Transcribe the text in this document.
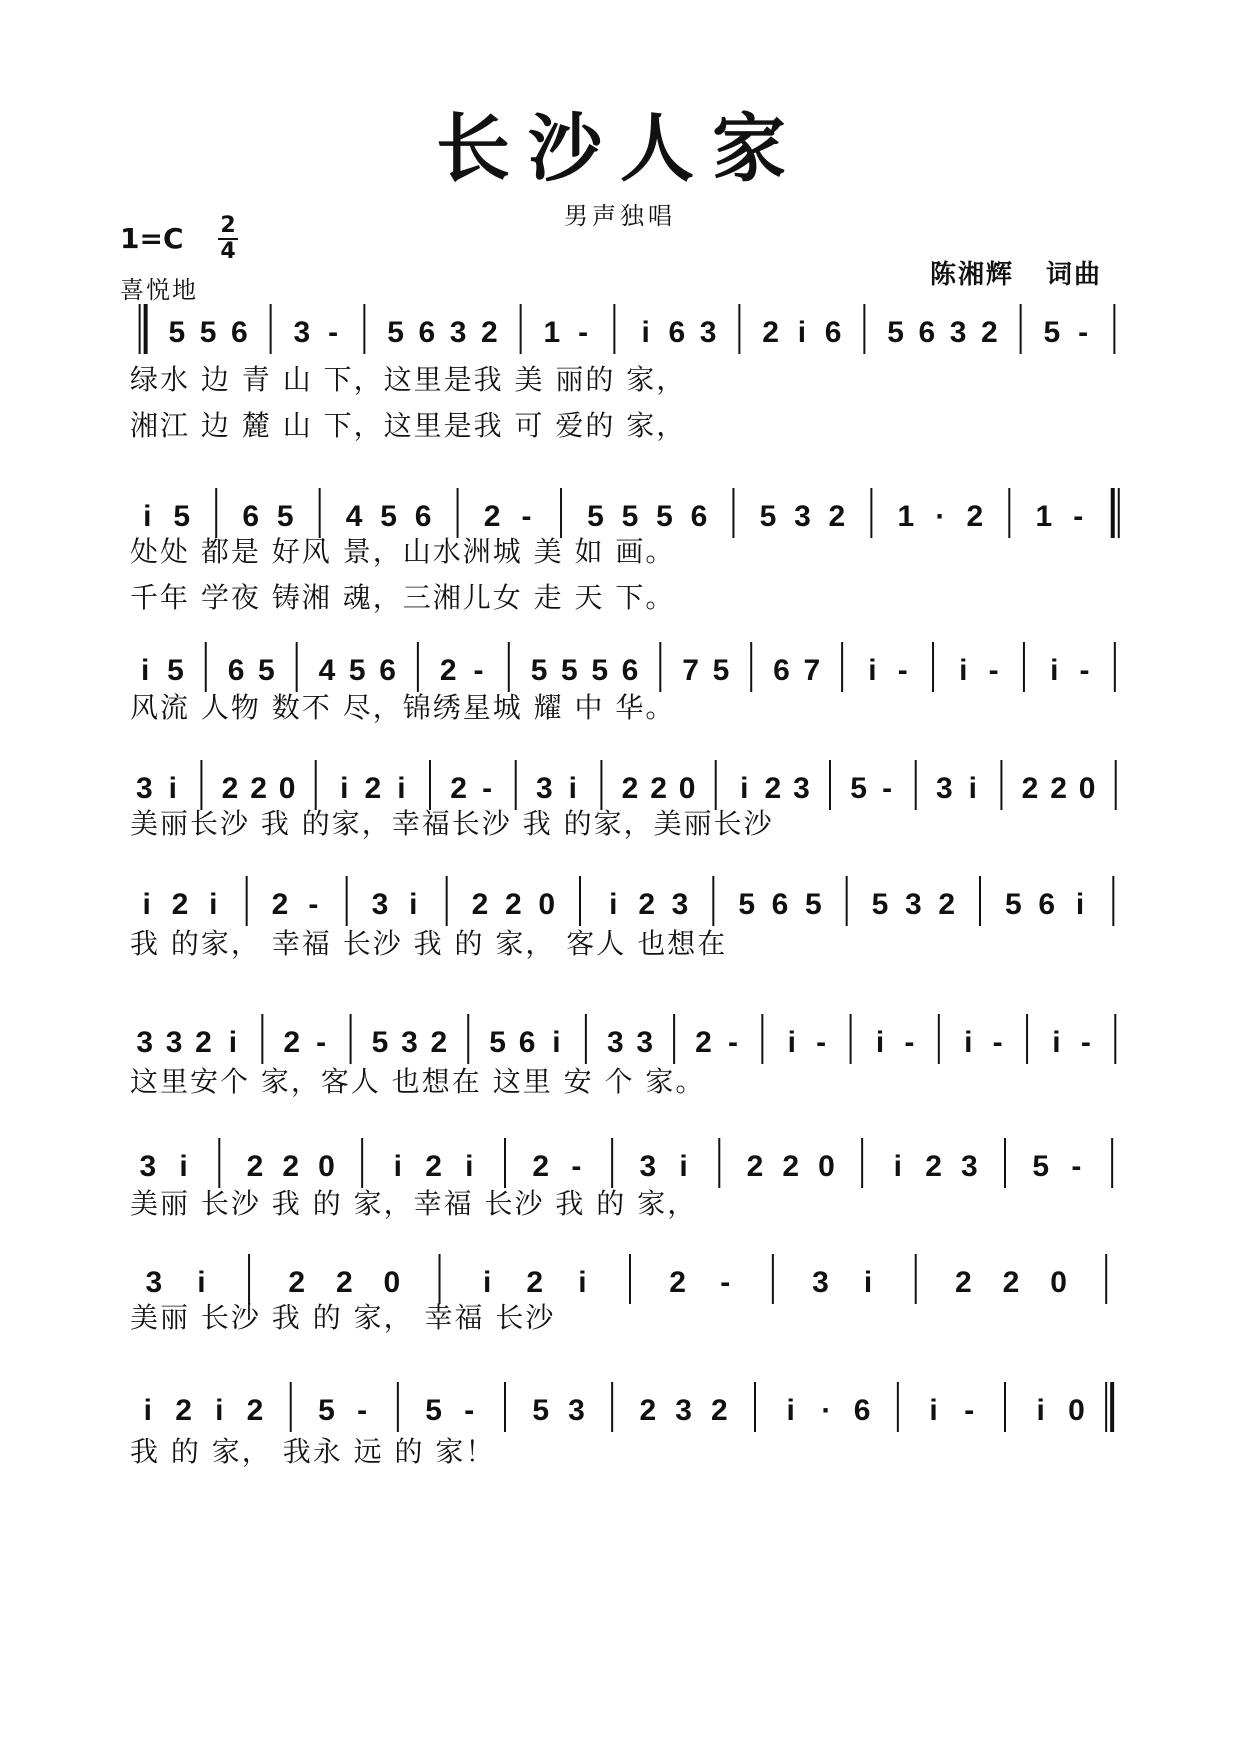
长沙人家
男声独唱
1=C 2
4
喜悦地	陈湘辉 词曲
5 5 6 3 - 5 6 3 2 1 - i 6 3 2 i 6 5 6 3 2 5 -
绿水 边 青 山 下，这里是我 美 丽的 家，
湘江 边 麓 山 下，这里是我 可 爱的 家，
i 5 6 5 4 5 6 2 - 5 5 5 6 5 3 2 1 · 2 1 -
处处 都是 好风 景，山水洲城 美 如 画。
千年 学夜 铸湘 魂，三湘儿女 走 天 下。
i 5 6 5 4 5 6 2 - 5 5 5 6 7 5 6 7 i - i - i -
风流 人物 数不 尽，锦绣星城 耀 中 华。
3 i 2 2 0 i 2 i 2 - 3 i 2 2 0 i 2 3 5 - 3 i 2 2 0
美丽长沙 我 的家，幸福长沙 我 的家，美丽长沙
i 2 i 2 - 3 i 2 2 0 i 2 3 5 6 5 5 3 2 5 6 i
我 的家， 幸福 长沙 我 的 家， 客人 也想在
3 3 2 i 2 - 5 3 2 5 6 i 3 3 2 - i - i - i - i -
这里安个 家，客人 也想在 这里 安 个 家。
3 i 2 2 0 i 2 i 2 - 3 i 2 2 0 i 2 3 5 -
美丽 长沙 我 的 家，幸福 长沙 我 的 家，
3 i	2 2 0	i 2 i	2 -	3 i	2 2 0
美丽 长沙 我 的 家， 幸福 长沙
i 2 i 2 5 - 5 - 5 3 2 3 2 i · 6 i - i 0
我 的 家， 我永 远 的 家！
